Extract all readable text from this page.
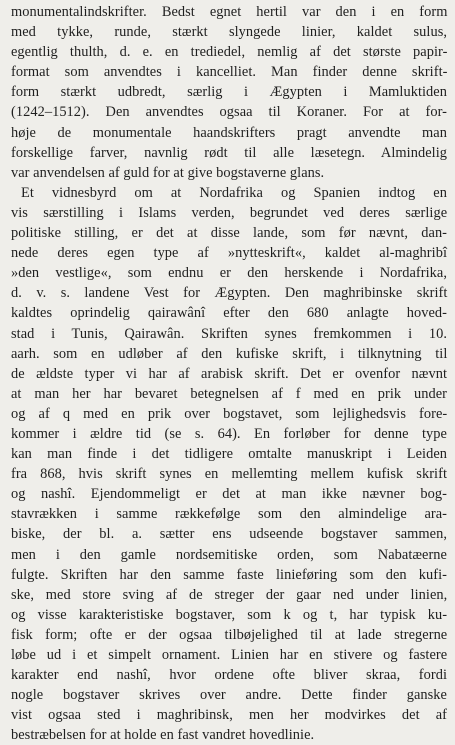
monumentalindskrifter. Bedst egnet hertil var den i en form
med tykke, runde, stærkt slyngede linier, kaldet sulus,
egentlig thulth, d. e. en trediedel, nemlig af det største papir-
format som anvendtes i kancelliet. Man finder denne skrift-
form stærkt udbredt, særlig i Ægypten i Mamluktiden
(1242–1512). Den anvendtes ogsaa til Koraner. For at for-
høje de monumentale haandskrifters pragt anvendte man
forskellige farver, navnlig rødt til alle læsetegn. Almindelig
var anvendelsen af guld for at give bogstaverne glans.
Et vidnesbyrd om at Nordafrika og Spanien indtog en
vis særstilling i Islams verden, begrundet ved deres særlige
politiske stilling, er det at disse lande, som før nævnt, dan-
nede deres egen type af »nytteskrift«, kaldet al-maghribî
»den vestlige«, som endnu er den herskende i Nordafrika,
d. v. s. landene Vest for Ægypten. Den maghribinske skrift
kaldtes oprindelig qairawânî efter den 680 anlagte hoved-
stad i Tunis, Qairawân. Skriften synes fremkommen i 10.
aarh. som en udløber af den kufiske skrift, i tilknytning til
de ældste typer vi har af arabisk skrift. Det er ovenfor nævnt
at man her har bevaret betegnelsen af f med en prik under
og af q med en prik over bogstavet, som lejlighedsvis fore-
kommer i ældre tid (se s. 64). En forløber for denne type
kan man finde i det tidligere omtalte manuskript i Leiden
fra 868, hvis skrift synes en mellemting mellem kufisk skrift
og nashî. Ejendommeligt er det at man ikke nævner bog-
stavrækken i samme rækkefølge som den almindelige ara-
biske, der bl. a. sætter ens udseende bogstaver sammen,
men i den gamle nordsemitiske orden, som Nabatæerne
fulgte. Skriften har den samme faste linieføring som den kufi-
ske, med store sving af de streger der gaar ned under linien,
og visse karakteristiske bogstaver, som k og t, har typisk ku-
fisk form; ofte er der ogsaa tilbøjelighed til at lade stregerne
løbe ud i et simpelt ornament. Linien har en stivere og fastere
karakter end nashî, hvor ordene ofte bliver skraa, fordi
nogle bogstaver skrives over andre. Dette finder ganske
vist ogsaa sted i maghribinsk, men her modvirkes det af
bestræbelsen for at holde en fast vandret hovedlinie.
